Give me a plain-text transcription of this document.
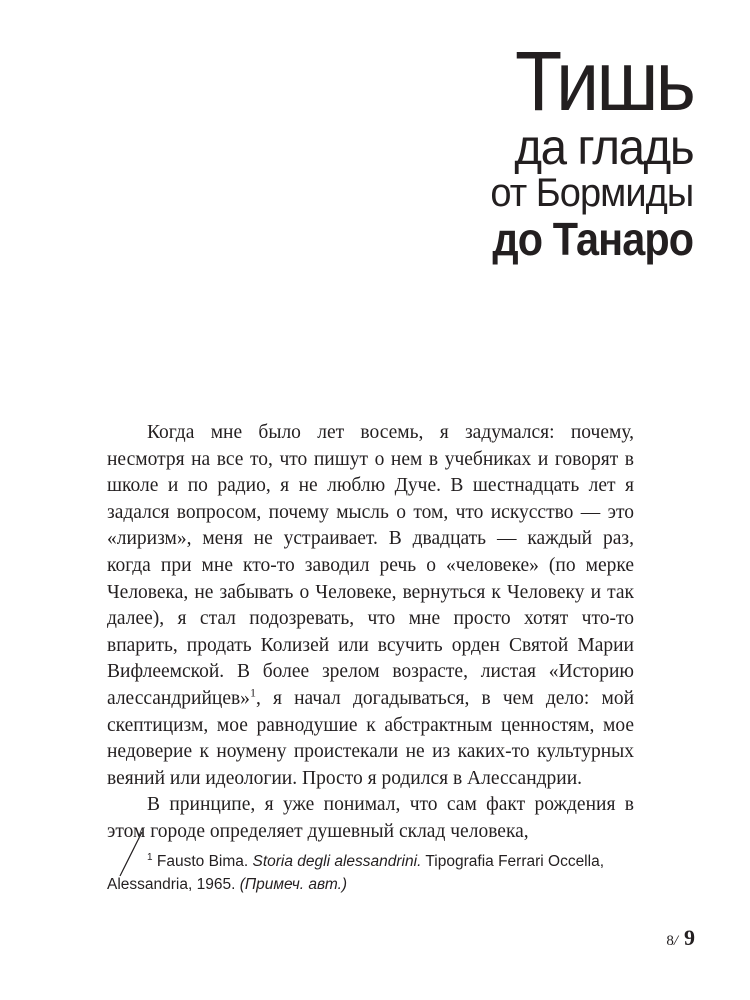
Тишь
да гладь
от Бормиды
до Танаро

Когда мне было лет восемь, я задумался: почему, несмотря на все то, что пишут о нем в учебниках и говорят в школе и по радио, я не люблю Дуче. В шестнадцать лет я задался вопросом, почему мысль о том, что искусство — это «лиризм», меня не устраивает. В двадцать — каждый раз, когда при мне кто-то заводил речь о «человеке» (по мерке Человека, не забывать о Человеке, вернуться к Человеку и так далее), я стал подозревать, что мне просто хотят что-то впарить, продать Колизей или всучить орден Святой Марии Вифлеемской. В более зрелом возрасте, листая «Историю алессандрийцев»$^1$, я начал догадываться, в чем дело: мой скептицизм, мое равнодушие к абстрактным ценностям, мое недоверие к ноумену проистекали не из каких-то культурных веяний или идеологии. Просто я родился в Алессандрии.

В принципе, я уже понимал, что сам факт рождения в этом городе определяет душевный склад человека,

$^1$ Fausto Bima. Storia degli alessandrini. Tipografia Ferrari Occella, Alessandria, 1965. (Примеч. авт.)
8/ 9
